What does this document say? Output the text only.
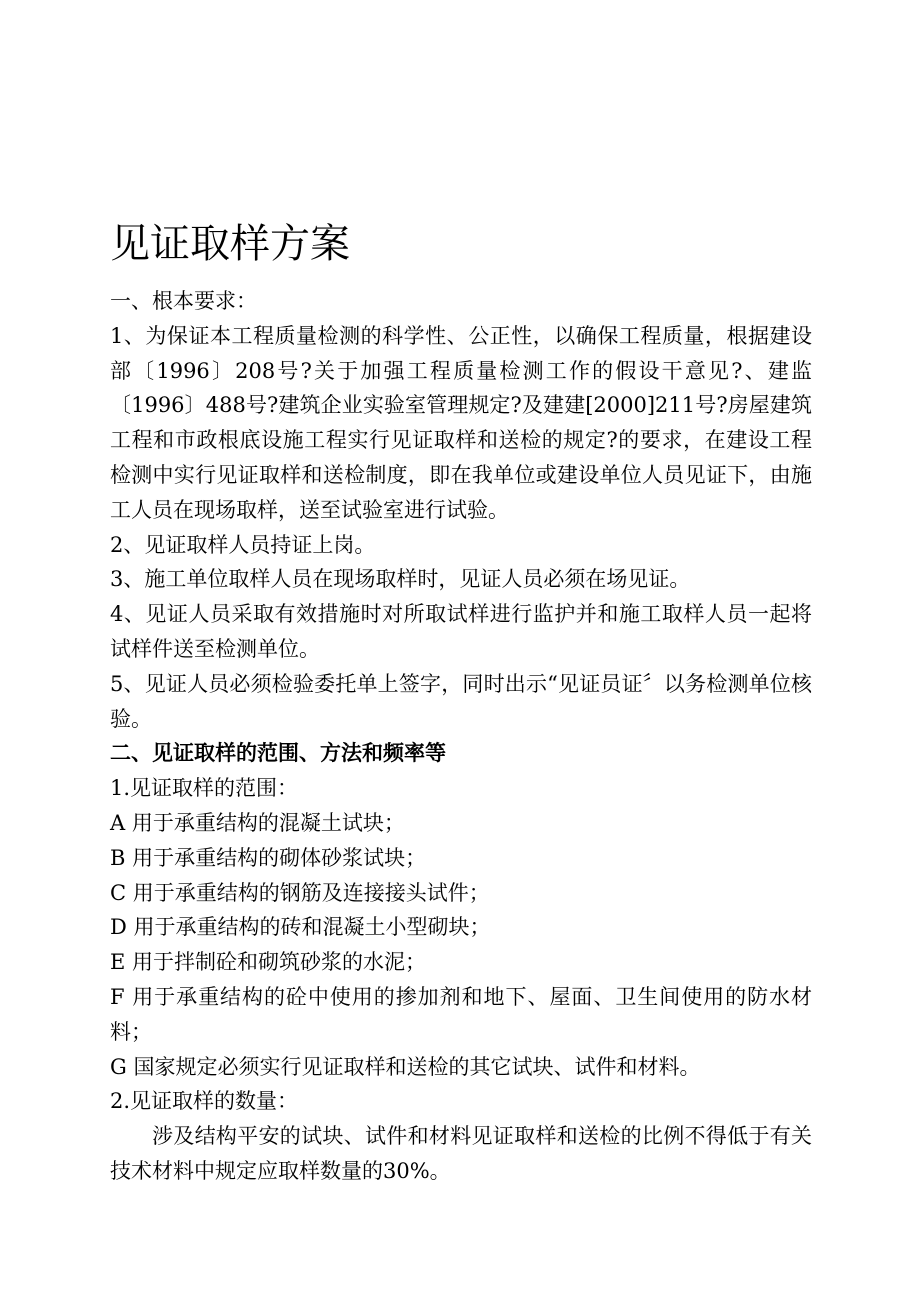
见证取样方案

一、根本要求：

1、为保证本工程质量检测的科学性、公正性，以确保工程质量，根据建设部〔1996〕208号?关于加强工程质量检测工作的假设干意见?、建监〔1996〕488号?建筑企业实验室管理规定?及建建[2000]211号?房屋建筑工程和市政根底设施工程实行见证取样和送检的规定?的要求，在建设工程检测中实行见证取样和送检制度，即在我单位或建设单位人员见证下，由施工人员在现场取样，送至试验室进行试验。

2、见证取样人员持证上岗。

3、施工单位取样人员在现场取样时，见证人员必须在场见证。

4、见证人员采取有效措施时对所取试样进行监护并和施工取样人员一起将试样件送至检测单位。

5、见证人员必须检验委托单上签字，同时出示“见证员证〞以务检测单位核验。

二、见证取样的范围、方法和频率等

1.见证取样的范围：

A 用于承重结构的混凝土试块；

B 用于承重结构的砌体砂浆试块；

C 用于承重结构的钢筋及连接接头试件；

D 用于承重结构的砖和混凝土小型砌块；

E 用于拌制砼和砌筑砂浆的水泥；

F 用于承重结构的砼中使用的掺加剂和地下、屋面、卫生间使用的防水材料；

G 国家规定必须实行见证取样和送检的其它试块、试件和材料。

2.见证取样的数量：

涉及结构平安的试块、试件和材料见证取样和送检的比例不得低于有关技术材料中规定应取样数量的30%。
